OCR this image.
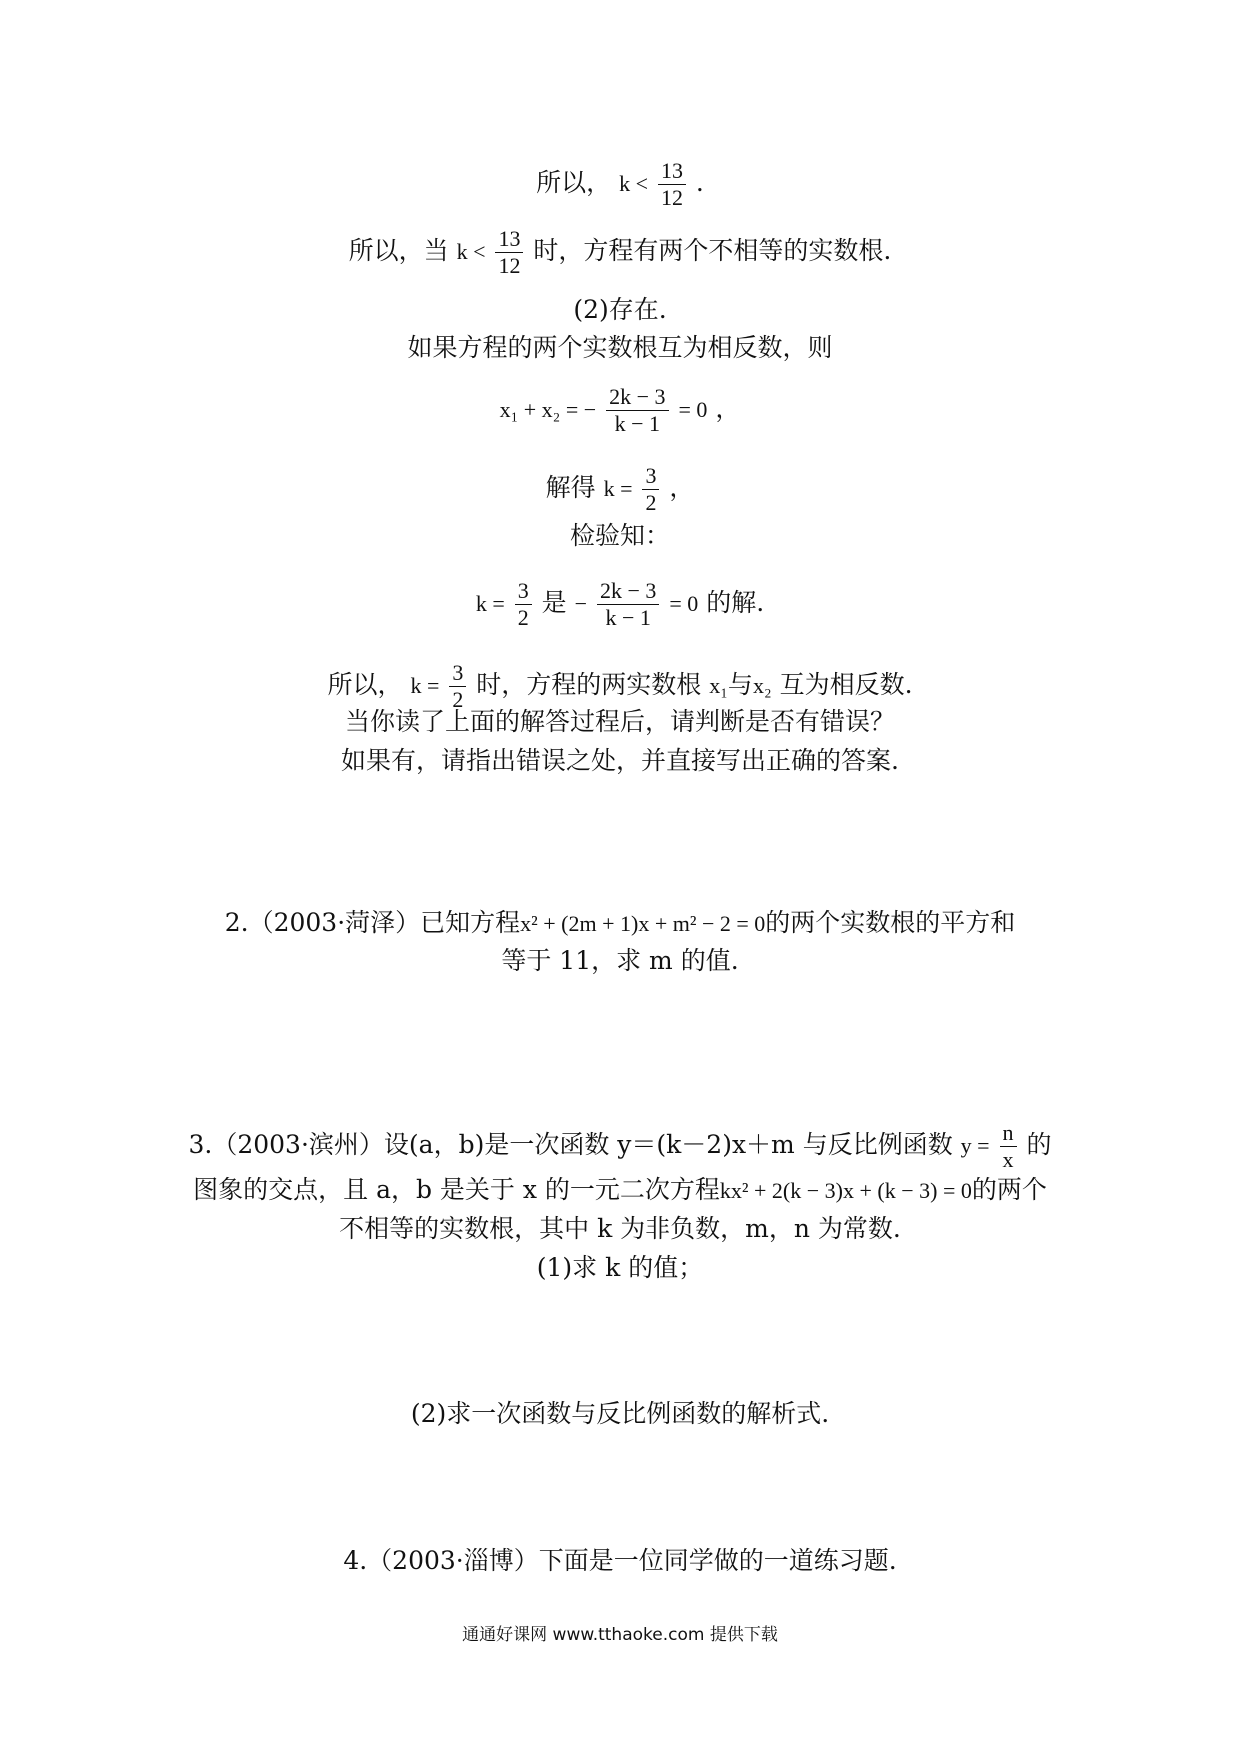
所以， $k < \frac{13}{12}$ .
所以，当 $k < \frac{13}{12}$ 时，方程有两个不相等的实数根.
(2)存在.
如果方程的两个实数根互为相反数，则
x₁ + x₂ = − $\frac{2k - 3}{k - 1} = 0$ ，
解得 $k = \frac{3}{2}$ ，
检验知：
$k = \frac{3}{2}$ 是 − $\frac{2k - 3}{k - 1} = 0$ 的解.
所以， $k = \frac{3}{2}$ 时，方程的两实数根 x₁与x₂ 互为相反数.
当你读了上面的解答过程后，请判断是否有错误？
如果有，请指出错误之处，并直接写出正确的答案.
2.（2003·菏泽）已知方程x² + (2m + 1)x + m² − 2 = 0的两个实数根的平方和
等于 11，求 m 的值.
3.（2003·滨州）设(a，b)是一次函数 y＝(k－2)x＋m 与反比例函数 $y = \frac{n}{x}$ 的
图象的交点，且 a，b 是关于 x 的一元二次方程kx² + 2(k − 3)x + (k − 3) = 0的两个
不相等的实数根，其中 k 为非负数，m，n 为常数.
(1)求 k 的值；
(2)求一次函数与反比例函数的解析式.
4.（2003·淄博）下面是一位同学做的一道练习题.
通通好课网 www.tthaoke.com 提供下载
